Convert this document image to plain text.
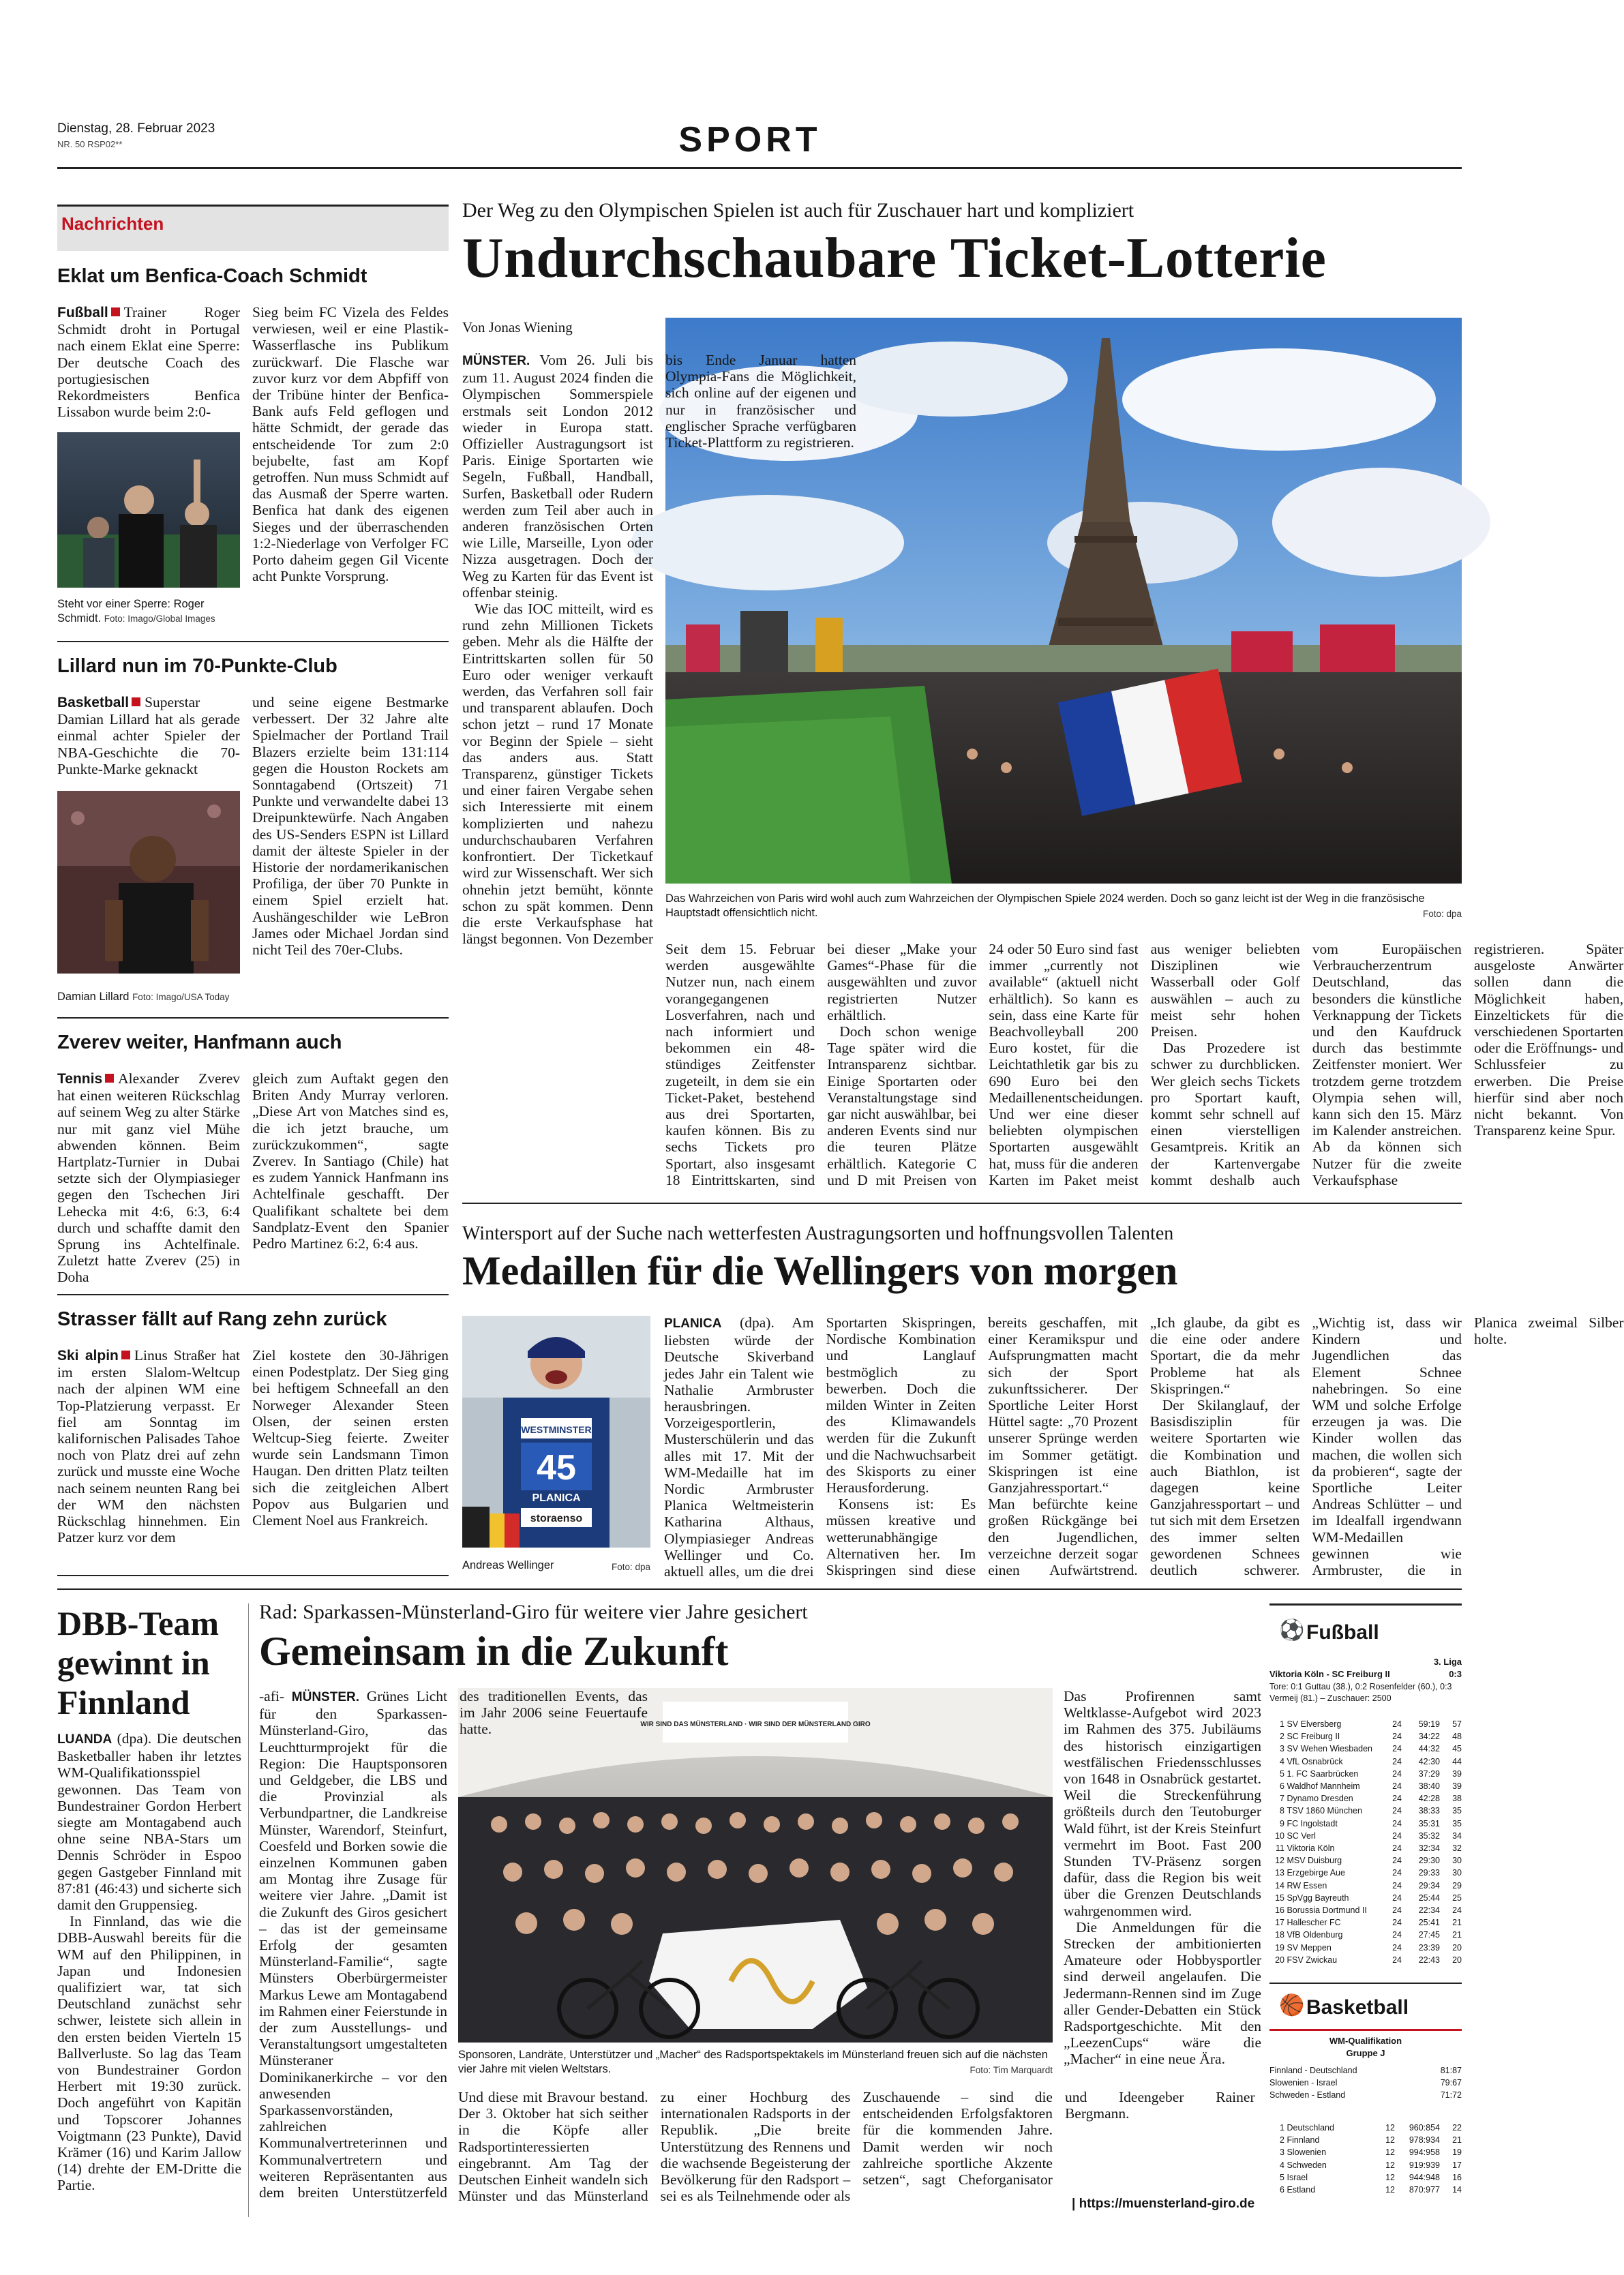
Dienstag, 28. Februar 2023
NR. 50 RSP02**	SPORT
Nachrichten
Eklat um Benfica-Coach Schmidt

Fußball Trainer Roger Schmidt droht in Portugal nach einem Eklat eine Sperre: Der deutsche Coach des portugiesischen Rekordmeisters Benfica Lissabon wurde beim 2:0-

Steht vor einer Sperre: Roger Schmidt. Foto: Imago/Global Images

Sieg beim FC Vizela des Feldes verwiesen, weil er eine Plastik-Wasserflasche ins Publikum zurückwarf. Die Flasche war zuvor kurz vor dem Abpfiff von der Tribüne hinter der Benfica-Bank aufs Feld geflogen und hätte Schmidt, der gerade das entscheidende Tor zum 2:0 bejubelte, fast am Kopf getroffen. Nun muss Schmidt auf das Ausmaß der Sperre warten. Benfica hat dank des eigenen Sieges und der überraschenden 1:2-Niederlage von Verfolger FC Porto daheim gegen Gil Vicente acht Punkte Vorsprung.

Lillard nun im 70-Punkte-Club

Basketball Superstar Damian Lillard hat als gerade einmal achter Spieler der NBA-Geschichte die 70-Punkte-Marke geknackt

Damian Lillard Foto: Imago/USA Today

und seine eigene Bestmarke verbessert. Der 32 Jahre alte Spielmacher der Portland Trail Blazers erzielte beim 131:114 gegen die Houston Rockets am Sonntagabend (Ortszeit) 71 Punkte und verwandelte dabei 13 Dreipunktewürfe. Nach Angaben des US-Senders ESPN ist Lillard damit der älteste Spieler in der Historie der nordamerikanischen Profiliga, der über 70 Punkte in einem Spiel erzielt hat. Aushängeschilder wie LeBron James oder Michael Jordan sind nicht Teil des 70er-Clubs.

Zverev weiter, Hanfmann auch

Tennis Alexander Zverev hat einen weiteren Rückschlag auf seinem Weg zu alter Stärke nur mit ganz viel Mühe abwenden können. Beim Hartplatz-Turnier in Dubai setzte sich der Olympiasieger gegen den Tschechen Jiri Lehecka mit 4:6, 6:3, 6:4 durch und schaffte damit den Sprung ins Achtelfinale. Zuletzt hatte Zverev (25) in Doha

gleich zum Auftakt gegen den Briten Andy Murray verloren. „Diese Art von Matches sind es, die ich jetzt brauche, um zurückzukommen“, sagte Zverev. In Santiago (Chile) hat es zudem Yannick Hanfmann ins Achtelfinale geschafft. Der Qualifikant schaltete bei dem Sandplatz-Event den Spanier Pedro Martinez 6:2, 6:4 aus.

Strasser fällt auf Rang zehn zurück

Ski alpin Linus Straßer hat im ersten Slalom-Weltcup nach der alpinen WM eine Top-Platzierung verpasst. Er fiel am Sonntag im kalifornischen Palisades Tahoe noch von Platz drei auf zehn zurück und musste eine Woche nach seinem neunten Rang bei der WM den nächsten Rückschlag hinnehmen. Ein Patzer kurz vor dem

Ziel kostete den 30-Jährigen einen Podestplatz. Der Sieg ging bei heftigem Schneefall an den Norweger Alexander Steen Olsen, der seinen ersten Weltcup-Sieg feierte. Zweiter wurde sein Landsmann Timon Haugan. Den dritten Platz teilten sich die zeitgleichen Albert Popov aus Bulgarien und Clement Noel aus Frankreich.

Der Weg zu den Olympischen Spielen ist auch für Zuschauer hart und kompliziert
Undurchschaubare Ticket-Lotterie
Von Jonas Wiening
Das Wahrzeichen von Paris wird wohl auch zum Wahrzeichen der Olympischen Spiele 2024 werden. Doch so ganz leicht ist der Weg in die französische Hauptstadt offensichtlich nicht.	Foto: dpa

MÜNSTER. Vom 26. Juli bis zum 11. August 2024 finden die Olympischen Sommerspiele erstmals seit London 2012 wieder in Europa statt. Offizieller Austragungsort ist Paris. Einige Sportarten wie Segeln, Fußball, Handball, Surfen, Basketball oder Rudern werden zum Teil aber auch in anderen französischen Orten wie Lille, Marseille, Lyon oder Nizza ausgetragen. Doch der Weg zu Karten für das Event ist offenbar steinig.

Wie das IOC mitteilt, wird es rund zehn Millionen Tickets geben. Mehr als die Hälfte der Eintrittskarten sollen für 50 Euro oder weniger verkauft werden, das Verfahren soll fair und transparent ablaufen. Doch schon jetzt – rund 17 Monate vor Beginn der Spiele – sieht das anders aus. Statt Transparenz, günstiger Tickets und einer fairen Vergabe sehen sich Interessierte mit einem komplizierten und nahezu undurchschaubaren Verfahren konfrontiert. Der Ticketkauf wird zur Wissenschaft. Wer sich ohnehin jetzt bemüht, könnte schon zu spät kommen. Denn die erste Verkaufsphase hat längst begonnen. Von Dezember bis Ende Januar hatten Olympia-Fans die Möglichkeit, sich online auf der eigenen und nur in französischer und englischer Sprache verfügbaren Ticket-Plattform zu registrieren.

Seit dem 15. Februar werden ausgewählte Nutzer nun, nach einem vorangegangenen Losverfahren, nach und nach informiert und bekommen ein 48-stündiges Zeitfenster zugeteilt, in dem sie ein Ticket-Paket, bestehend aus drei Sportarten, kaufen können. Bis zu sechs Tickets pro Sportart, also insgesamt 18 Eintrittskarten, sind bei dieser „Make your Games“-Phase für die ausgewählten und zuvor registrierten Nutzer erhältlich.

Doch schon wenige Tage später wird die Intransparenz sichtbar. Einige Sportarten oder Veranstaltungstage sind gar nicht auswählbar, bei anderen Events sind nur die teuren Plätze erhältlich. Kategorie C und D mit Preisen von 24 oder 50 Euro sind fast immer „currently not available“ (aktuell nicht erhältlich). So kann es sein, dass eine Karte für Beachvolleyball 200 Euro kostet, für die Leichtathletik gar bis zu 690 Euro bei den Medaillenentscheidungen. Und wer eine dieser beliebten olympischen Sportarten ausgewählt hat, muss für die anderen Karten im Paket meist aus weniger beliebten Disziplinen wie Wasserball oder Golf auswählen – auch zu meist sehr hohen Preisen.

Das Prozedere ist schwer zu durchblicken. Wer gleich sechs Tickets pro Sportart kauft, kommt sehr schnell auf einen vierstelligen Gesamtpreis. Kritik an der Kartenvergabe kommt deshalb auch vom Europäischen Verbraucherzentrum Deutschland, das besonders die künstliche Verknappung der Tickets und den Kaufdruck durch das bestimmte Zeitfenster moniert. Wer trotzdem gerne trotzdem Olympia sehen will, kann sich den 15. März im Kalender anstreichen. Ab da können sich Nutzer für die zweite Verkaufsphase registrieren. Später ausgeloste Anwärter sollen dann die Möglichkeit haben, Einzeltickets für die verschiedenen Sportarten oder die Eröffnungs- und Schlussfeier zu erwerben. Die Preise hierfür sind aber noch nicht bekannt. Von Transparenz keine Spur.

Wintersport auf der Suche nach wetterfesten Austragungsorten und hoffnungsvollen Talenten
Medaillen für die Wellingers von morgen
WESTMINSTER
45
PLANICA
storaenso
Andreas Wellinger	Foto: dpa

PLANICA (dpa). Am liebsten würde der Deutsche Skiverband jedes Jahr ein Talent wie Nathalie Armbruster herausbringen. Vorzeigesportlerin, Musterschülerin und das alles mit 17. Mit der WM-Medaille hat im Nordic Armbruster Planica Weltmeisterin Katharina Althaus, Olympiasieger Andreas Wellinger und Co. aktuell alles, um die drei Sportarten Skispringen, Nordische Kombination und Langlauf bestmöglich zu bewerben. Doch die milden Winter in Zeiten des Klimawandels werden für die Zukunft und die Nachwuchsarbeit des Skisports zu einer Herausforderung.

Konsens ist: Es müssen kreative und wetterunabhängige Alternativen her. Im Skispringen sind diese bereits geschaffen, mit einer Keramikspur und Aufsprungmatten macht sich der Sport zukunftssicherer. Der Sportliche Leiter Horst Hüttel sagte: „70 Prozent unserer Sprünge werden im Sommer getätigt. Skispringen ist eine Ganzjahressportart.“ Man befürchte keine großen Rückgänge bei den Jugendlichen, verzeichne derzeit sogar einen Aufwärtstrend. „Ich glaube, da gibt es die eine oder andere Sportart, die da mehr Probleme hat als Skispringen.“

Der Skilanglauf, der Basisdisziplin für weitere Sportarten wie die Kombination und auch Biathlon, ist dagegen keine Ganzjahressportart – und tut sich mit dem Ersetzen des immer selten gewordenen Schnees deutlich schwerer. „Wichtig ist, dass wir Kindern und Jugendlichen das Element Schnee nahebringen. So eine WM und solche Erfolge erzeugen ja was. Die Kinder wollen das machen, die wollen sich da probieren“, sagte der Sportliche Leiter Andreas Schlütter – und im Idealfall irgendwann WM-Medaillen gewinnen wie Armbruster, die in Planica zweimal Silber holte.

DBB-Team gewinnt in Finnland

LUANDA (dpa). Die deutschen Basketballer haben ihr letztes WM-Qualifikationsspiel gewonnen. Das Team von Bundestrainer Gordon Herbert siegte am Montagabend auch ohne seine NBA-Stars um Dennis Schröder in Espoo gegen Gastgeber Finnland mit 87:81 (46:43) und sicherte sich damit den Gruppensieg.

In Finnland, das wie die DBB-Auswahl bereits für die WM auf den Philippinen, in Japan und Indonesien qualifiziert war, tat sich Deutschland zunächst sehr schwer, leistete sich allein in den ersten beiden Vierteln 15 Ballverluste. So lag das Team von Bundestrainer Gordon Herbert mit 19:30 zurück. Doch angeführt von Kapitän und Topscorer Johannes Voigtmann (23 Punkte), David Krämer (16) und Karim Jallow (14) drehte der EM-Dritte die Partie.

Rad: Sparkassen-Münsterland-Giro für weitere vier Jahre gesichert
Gemeinsam in die Zukunft
WIR SIND DAS MÜNSTERLAND · WIR SIND DER MÜNSTERLAND GIRO
Sponsoren, Landräte, Unterstützer und „Macher“ des Radsportspektakels im Münsterland freuen sich auf die nächsten vier Jahre mit vielen Weltstars.	Foto: Tim Marquardt

-afi- MÜNSTER. Grünes Licht für den Sparkassen-Münsterland-Giro, das Leuchtturmprojekt für die Region: Die Hauptsponsoren und Geldgeber, die LBS und die Provinzial als Verbundpartner, die Landkreise Münster, Warendorf, Steinfurt, Coesfeld und Borken sowie die einzelnen Kommunen gaben am Montag ihre Zusage für weitere vier Jahre. „Damit ist die Zukunft des Giros gesichert – das ist der gemeinsame Erfolg der gesamten Münsterland-Familie“, sagte Münsters Oberbürgermeister Markus Lewe am Montagabend im Rahmen einer Feierstunde in der zum Ausstellungs- und Veranstaltungsort umgestalteten Münsteraner Dominikanerkirche – vor den anwesenden Sparkassenvorständen, zahlreichen Kommunalvertreterinnen und Kommunalvertretern und weiteren Repräsentanten aus dem breiten Unterstützerfeld des traditionellen Events, das im Jahr 2006 seine Feuertaufe hatte.

Und diese mit Bravour bestand. Der 3. Oktober hat sich seither in die Köpfe aller Radsportinteressierten eingebrannt. Am Tag der Deutschen Einheit wandeln sich Münster und das Münsterland zu einer Hochburg des internationalen Radsports in der Republik. „Die breite Unterstützung des Rennens und die wachsende Begeisterung der Bevölkerung für den Radsport – sei es als Teilnehmende oder als Zuschauende – sind die entscheidenden Erfolgsfaktoren für die kommenden Jahre. Damit werden wir noch zahlreiche sportliche Akzente setzen“, sagt Cheforganisator und Ideengeber Rainer Bergmann.

Das Profirennen samt Weltklasse-Aufgebot wird 2023 im Rahmen des 375. Jubiläums des historisch einzigartigen westfälischen Friedensschlusses von 1648 in Osnabrück gestartet. Weil die Streckenführung größteils durch den Teutoburger Wald führt, ist der Kreis Steinfurt vermehrt im Boot. Fast 200 Stunden TV-Präsenz sorgen dafür, dass die Region bis weit über die Grenzen Deutschlands wahrgenommen wird.

Die Anmeldungen für die Strecken der ambitionierten Amateure oder Hobbysportler sind derweil angelaufen. Die Jedermann-Rennen sind im Zuge aller Gender-Debatten ein Stück Radsportgeschichte. Mit den „LeezenCups“ wäre die „Macher“ in eine neue Ära.

| https://muensterland-giro.de
⚽ Fußball
3. Liga
Viktoria Köln - SC Freiburg II	0:3
Tore: 0:1 Guttau (38.), 0:2 Rosenfelder (60.), 0:3 Vermeij (81.) – Zuschauer: 2500
1 SV Elversberg	24	59:19	57
2 SC Freiburg II	24	34:22	48
3 SV Wehen Wiesbaden	24	44:32	45
4 VfL Osnabrück	24	42:30	44
5 1. FC Saarbrücken	24	37:29	39
6 Waldhof Mannheim	24	38:40	39
7 Dynamo Dresden	24	42:28	38
8 TSV 1860 München	24	38:33	35
9 FC Ingolstadt	24	35:31	35
10 SC Verl	24	35:32	34
11 Viktoria Köln	24	32:34	32
12 MSV Duisburg	24	29:30	30
13 Erzgebirge Aue	24	29:33	30
14 RW Essen	24	29:34	29
15 SpVgg Bayreuth	24	25:44	25
16 Borussia Dortmund II	24	22:34	24
17 Hallescher FC	24	25:41	21
18 VfB Oldenburg	24	27:45	21
19 SV Meppen	24	23:39	20
20 FSV Zwickau	24	22:43	20
🏀 Basketball
WM-Qualifikation
Gruppe J
Finnland - Deutschland	81:87
Slowenien - Israel	79:67
Schweden - Estland	71:72
1 Deutschland	12	960:854	22
2 Finnland	12	978:934	21
3 Slowenien	12	994:958	19
4 Schweden	12	919:939	17
5 Israel	12	944:948	16
6 Estland	12	870:977	14
